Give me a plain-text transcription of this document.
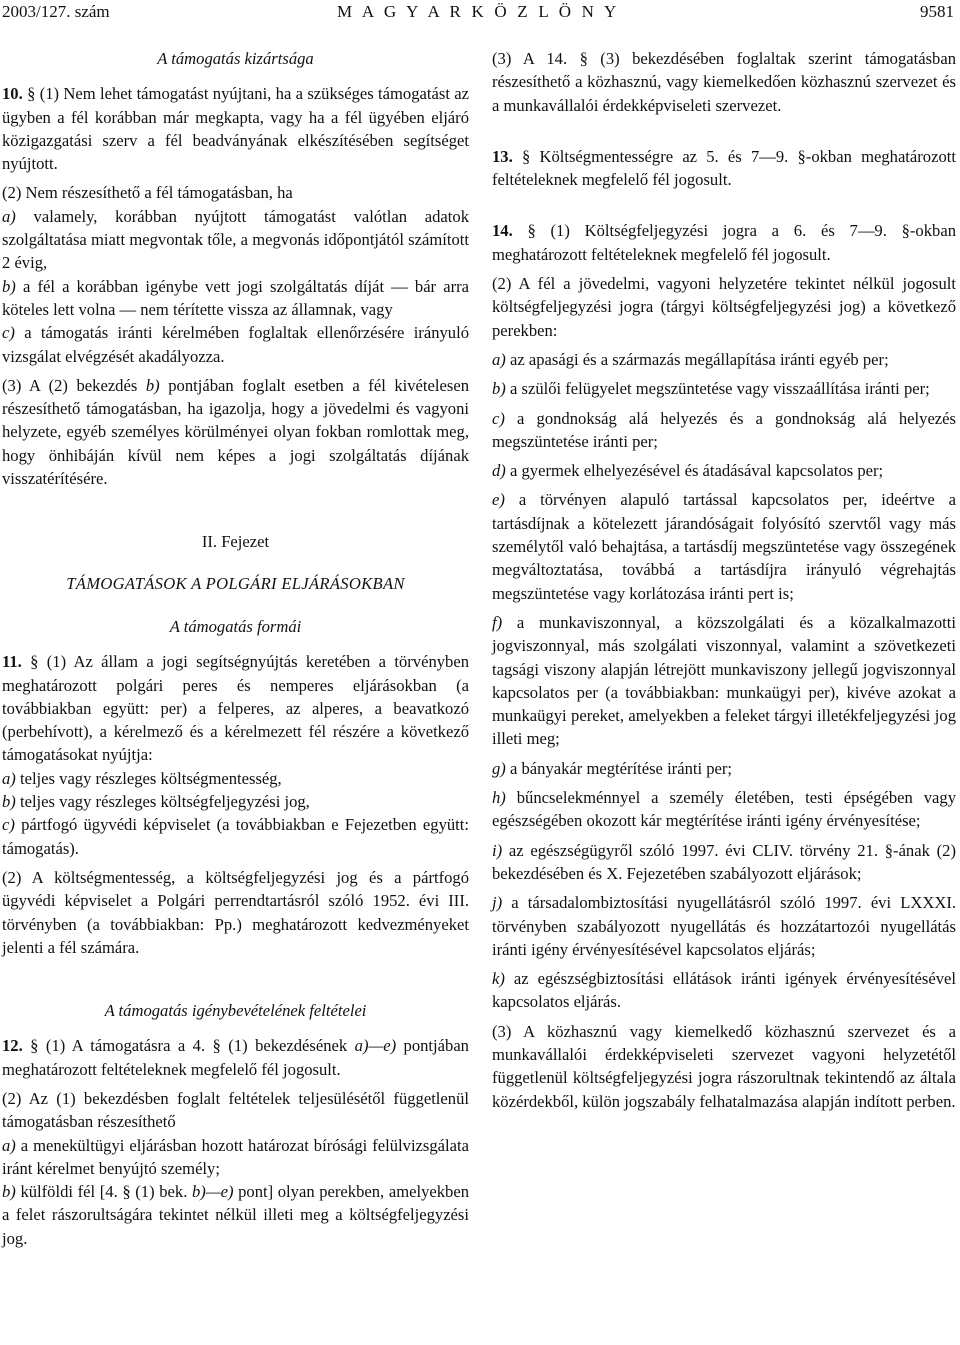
2003/127. szám	M A G Y A R K Ö Z L Ö N Y	9581

A támogatás kizártsága

10. § (1) Nem lehet támogatást nyújtani, ha a szükséges támogatást az ügyben a fél korábban már megkapta, vagy ha a fél ügyében eljáró közigazgatási szerv a fél beadványának elkészítésében segítséget nyújtott.

(2) Nem részesíthető a fél támogatásban, ha

a) valamely, korábban nyújtott támogatást valótlan adatok szolgáltatása miatt megvontak tőle, a megvonás időpontjától számított 2 évig,

b) a fél a korábban igénybe vett jogi szolgáltatás díját — bár arra köteles lett volna — nem térítette vissza az államnak, vagy

c) a támogatás iránti kérelmében foglaltak ellenőrzésére irányuló vizsgálat elvégzését akadályozza.

(3) A (2) bekezdés b) pontjában foglalt esetben a fél kivételesen részesíthető támogatásban, ha igazolja, hogy a jövedelmi és vagyoni helyzete, egyéb személyes körülményei olyan fokban romlottak meg, hogy önhibáján kívül nem képes a jogi szolgáltatás díjának visszatérítésére.

II. Fejezet

TÁMOGATÁSOK A POLGÁRI ELJÁRÁSOKBAN

A támogatás formái

11. § (1) Az állam a jogi segítségnyújtás keretében a törvényben meghatározott polgári peres és nemperes eljárásokban (a továbbiakban együtt: per) a felperes, az alperes, a beavatkozó (perbehívott), a kérelmező és a kérelmezett fél részére a következő támogatásokat nyújtja:

a) teljes vagy részleges költségmentesség,

b) teljes vagy részleges költségfeljegyzési jog,

c) pártfogó ügyvédi képviselet (a továbbiakban e Fejezetben együtt: támogatás).

(2) A költségmentesség, a költségfeljegyzési jog és a pártfogó ügyvédi képviselet a Polgári perrendtartásról szóló 1952. évi III. törvényben (a továbbiakban: Pp.) meghatározott kedvezményeket jelenti a fél számára.

A támogatás igénybevételének feltételei

12. § (1) A támogatásra a 4. § (1) bekezdésének a)—e) pontjában meghatározott feltételeknek megfelelő fél jogosult.

(2) Az (1) bekezdésben foglalt feltételek teljesülésétől függetlenül támogatásban részesíthető

a) a menekültügyi eljárásban hozott határozat bírósági felülvizsgálata iránt kérelmet benyújtó személy;

b) külföldi fél [4. § (1) bek. b)—e) pont] olyan perekben, amelyekben a felet rászorultságára tekintet nélkül illeti meg a költségfeljegyzési jog.

(3) A 14. § (3) bekezdésében foglaltak szerint támogatásban részesíthető a közhasznú, vagy kiemelkedően közhasznú szervezet és a munkavállalói érdekképviseleti szervezet.

13. § Költségmentességre az 5. és 7—9. §-okban meghatározott feltételeknek megfelelő fél jogosult.

14. § (1) Költségfeljegyzési jogra a 6. és 7—9. §-okban meghatározott feltételeknek megfelelő fél jogosult.

(2) A fél a jövedelmi, vagyoni helyzetére tekintet nélkül jogosult költségfeljegyzési jogra (tárgyi költségfeljegyzési jog) a következő perekben:

a) az apasági és a származás megállapítása iránti egyéb per;

b) a szülői felügyelet megszüntetése vagy visszaállítása iránti per;

c) a gondnokság alá helyezés és a gondnokság alá helyezés megszüntetése iránti per;

d) a gyermek elhelyezésével és átadásával kapcsolatos per;

e) a törvényen alapuló tartással kapcsolatos per, ideértve a tartásdíjnak a kötelezett járandóságait folyósító szervtől vagy más személytől való behajtása, a tartásdíj megszüntetése vagy összegének megváltoztatása, továbbá a tartásdíjra irányuló végrehajtás megszüntetése vagy korlátozása iránti pert is;

f) a munkaviszonnyal, a közszolgálati és a közalkalmazotti jogviszonnyal, más szolgálati viszonnyal, valamint a szövetkezeti tagsági viszony alapján létrejött munkaviszony jellegű jogviszonnyal kapcsolatos per (a továbbiakban: munkaügyi per), kivéve azokat a munkaügyi pereket, amelyekben a feleket tárgyi illetékfeljegyzési jog illeti meg;

g) a bányakár megtérítése iránti per;

h) bűncselekménnyel a személy életében, testi épségében vagy egészségében okozott kár megtérítése iránti igény érvényesítése;

i) az egészségügyről szóló 1997. évi CLIV. törvény 21. §-ának (2) bekezdésében és X. Fejezetében szabályozott eljárások;

j) a társadalombiztosítási nyugellátásról szóló 1997. évi LXXXI. törvényben szabályozott nyugellátás és hozzátartozói nyugellátás iránti igény érvényesítésével kapcsolatos eljárás;

k) az egészségbiztosítási ellátások iránti igények érvényesítésével kapcsolatos eljárás.

(3) A közhasznú vagy kiemelkedő közhasznú szervezet és a munkavállalói érdekképviseleti szervezet vagyoni helyzetétől függetlenül költségfeljegyzési jogra rászorultnak tekintendő az általa közérdekből, külön jogszabály felhatalmazása alapján indított perben.
